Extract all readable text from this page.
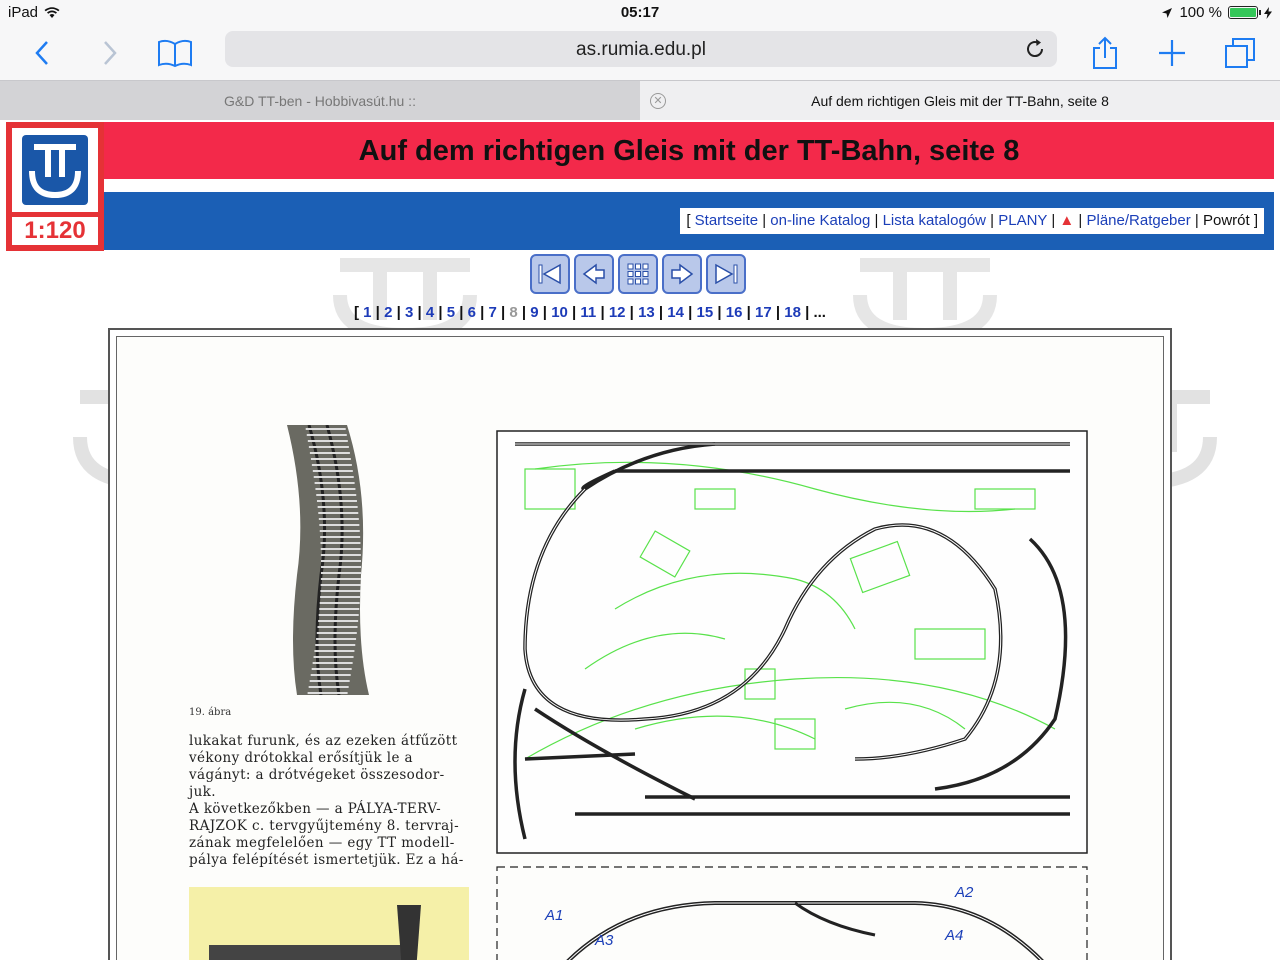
iPad	05:17	100 %
as.rumia.edu.pl
G&D TT-ben - Hobbivasút.hu ::	✕	Auf dem richtigen Gleis mit der TT-Bahn, seite 8
1:120
Auf dem richtigen Gleis mit der TT-Bahn, seite 8
[ Startseite | on-line Katalog | Lista katalogów | PLANY | ▲ | Pläne/Ratgeber | Powrót ]
[ 1 | 2 | 3 | 4 | 5 | 6 | 7 | 8 | 9 | 10 | 11 | 12 | 13 | 14 | 15 | 16 | 17 | 18 | ...
19. ábra
lukakat furunk, és az ezeken átfűzött
vékony drótokkal erősítjük le a
vágányt: a drótvégeket összesodor-
juk.
A következőkben — a PÁLYA-TERV-
RAJZOK c. tervgyűjtemény 8. tervraj-
zának megfelelően — egy TT modell-
pálya felépítését ismertetjük. Ez a há-
A1
A2
A3	A4
